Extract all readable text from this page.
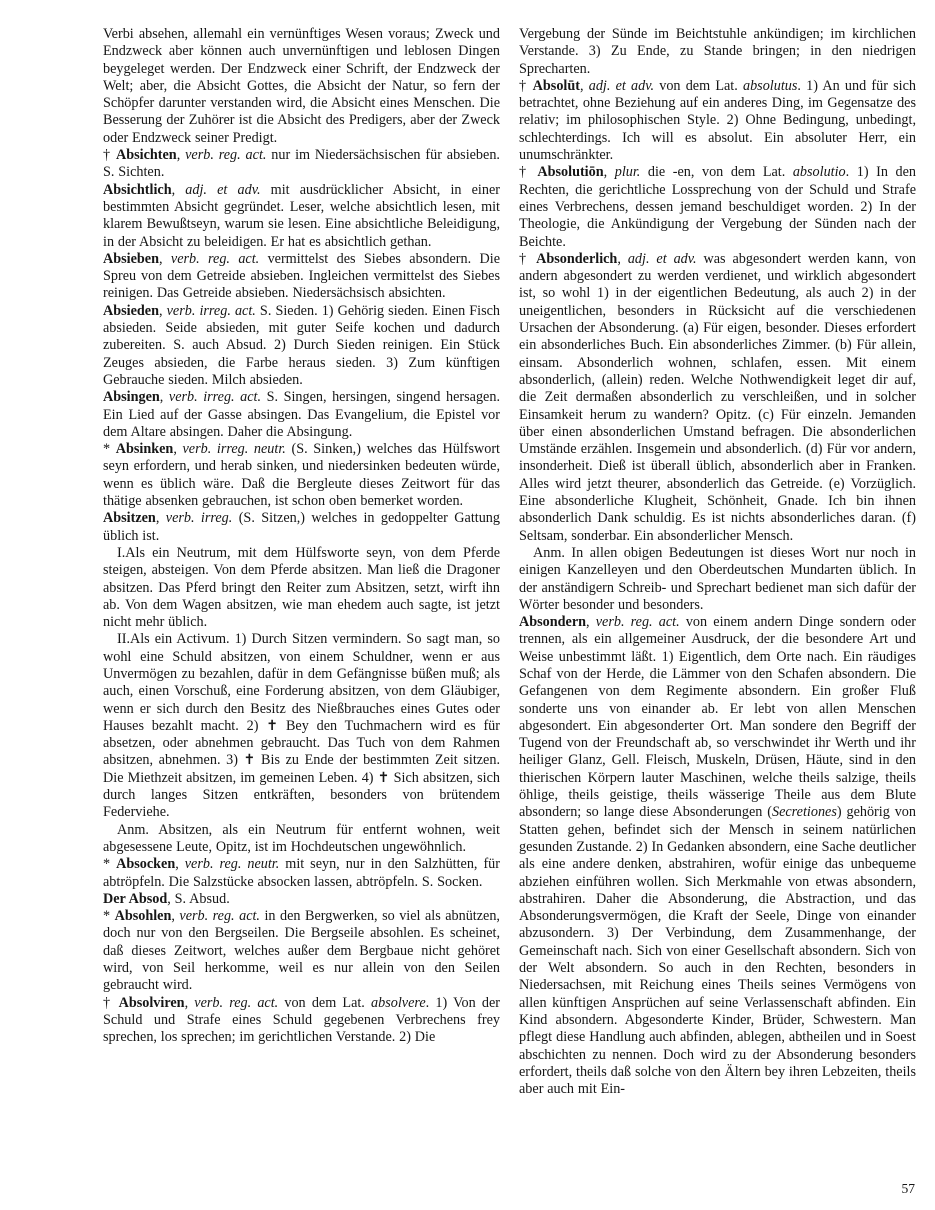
Verbi absehen, allemahl ein vernünftiges Wesen voraus; Zweck und Endzweck aber können auch unvernünftigen und leblosen Dingen beygeleget werden. Der Endzweck einer Schrift, der Endzweck der Welt; aber, die Absicht Gottes, die Absicht der Natur, so fern der Schöpfer darunter verstanden wird, die Absicht eines Menschen. Die Besserung der Zuhörer ist die Absicht des Predigers, aber der Zweck oder Endzweck seiner Predigt.

† Absichten, verb. reg. act. nur im Niedersächsischen für absieben. S. Sichten.

Absichtlich, adj. et adv. mit ausdrücklicher Absicht, in einer bestimmten Absicht gegründet. Leser, welche absichtlich lesen, mit klarem Bewußtseyn, warum sie lesen. Eine absichtliche Beleidigung, in der Absicht zu beleidigen. Er hat es absichtlich gethan.

Absieben, verb. reg. act. vermittelst des Siebes absondern. Die Spreu von dem Getreide absieben. Ingleichen vermittelst des Siebes reinigen. Das Getreide absieben. Niedersächsisch absichten.

Absieden, verb. irreg. act. S. Sieden. 1) Gehörig sieden. Einen Fisch absieden. Seide absieden, mit guter Seife kochen und dadurch zubereiten. S. auch Absud. 2) Durch Sieden reinigen. Ein Stück Zeuges absieden, die Farbe heraus sieden. 3) Zum künftigen Gebrauche sieden. Milch absieden.

Absingen, verb. irreg. act. S. Singen, hersingen, singend hersagen. Ein Lied auf der Gasse absingen. Das Evangelium, die Epistel vor dem Altare absingen. Daher die Absingung.

* Absinken, verb. irreg. neutr. (S. Sinken,) welches das Hülfswort seyn erfordern, und herab sinken, und niedersinken bedeuten würde, wenn es üblich wäre. Daß die Bergleute dieses Zeitwort für das thätige absenken gebrauchen, ist schon oben bemerket worden.

Absitzen, verb. irreg. (S. Sitzen,) welches in gedoppelter Gattung üblich ist.

I.Als ein Neutrum, mit dem Hülfsworte seyn, von dem Pferde steigen, absteigen. Von dem Pferde absitzen. Man ließ die Dragoner absitzen. Das Pferd bringt den Reiter zum Absitzen, setzt, wirft ihn ab. Von dem Wagen absitzen, wie man ehedem auch sagte, ist jetzt nicht mehr üblich.

II.Als ein Activum. 1) Durch Sitzen vermindern. So sagt man, so wohl eine Schuld absitzen, von einem Schuldner, wenn er aus Unvermögen zu bezahlen, dafür in dem Gefängnisse büßen muß; als auch, einen Vorschuß, eine Forderung absitzen, von dem Gläubiger, wenn er sich durch den Besitz des Nießbrauches eines Gutes oder Hauses bezahlt macht. 2) ✝ Bey den Tuchmachern wird es für absetzen, oder abnehmen gebraucht. Das Tuch von dem Rahmen absitzen, abnehmen. 3) ✝ Bis zu Ende der bestimmten Zeit sitzen. Die Miethzeit absitzen, im gemeinen Leben. 4) ✝ Sich absitzen, sich durch langes Sitzen entkräften, besonders von brütendem Federviehe.

Anm. Absitzen, als ein Neutrum für entfernt wohnen, weit abgesessene Leute, Opitz, ist im Hochdeutschen ungewöhnlich.

* Absocken, verb. reg. neutr. mit seyn, nur in den Salzhütten, für abtröpfeln. Die Salzstücke absocken lassen, abtröpfeln. S. Socken.

Der Absod, S. Absud.

* Absohlen, verb. reg. act. in den Bergwerken, so viel als abnützen, doch nur von den Bergseilen. Die Bergseile absohlen. Es scheinet, daß dieses Zeitwort, welches außer dem Bergbaue nicht gehöret wird, von Seil herkomme, weil es nur allein von den Seilen gebraucht wird.

† Absolviren, verb. reg. act. von dem Lat. absolvere. 1) Von der Schuld und Strafe eines Schuld gegebenen Verbrechens frey sprechen, los sprechen; im gerichtlichen Verstande. 2) Die

Vergebung der Sünde im Beichtstuhle ankündigen; im kirchlichen Verstande. 3) Zu Ende, zu Stande bringen; in den niedrigen Sprecharten.

† Absolūt, adj. et adv. von dem Lat. absolutus. 1) An und für sich betrachtet, ohne Beziehung auf ein anderes Ding, im Gegensatze des relativ; im philosophischen Style. 2) Ohne Bedingung, unbedingt, schlechterdings. Ich will es absolut. Ein absoluter Herr, ein unumschränkter.

† Absolutiōn, plur. die -en, von dem Lat. absolutio. 1) In den Rechten, die gerichtliche Lossprechung von der Schuld und Strafe eines Verbrechens, dessen jemand beschuldiget worden. 2) In der Theologie, die Ankündigung der Vergebung der Sünden nach der Beichte.

† Absonderlich, adj. et adv. was abgesondert werden kann, von andern abgesondert zu werden verdienet, und wirklich abgesondert ist, so wohl 1) in der eigentlichen Bedeutung, als auch 2) in der uneigentlichen, besonders in Rücksicht auf die verschiedenen Ursachen der Absonderung. (a) Für eigen, besonder. Dieses erfordert ein absonderliches Buch. Ein absonderliches Zimmer. (b) Für allein, einsam. Absonderlich wohnen, schlafen, essen. Mit einem absonderlich, (allein) reden. Welche Nothwendigkeit leget dir auf, die Zeit dermaßen absonderlich zu verschleißen, und in solcher Einsamkeit herum zu wandern? Opitz. (c) Für einzeln. Jemanden über einen absonderlichen Umstand befragen. Die absonderlichen Umstände erzählen. Insgemein und absonderlich. (d) Für vor andern, insonderheit. Dieß ist überall üblich, absonderlich aber in Franken. Alles wird jetzt theurer, absonderlich das Getreide. (e) Vorzüglich. Eine absonderliche Klugheit, Schönheit, Gnade. Ich bin ihnen absonderlich Dank schuldig. Es ist nichts absonderliches daran. (f) Seltsam, sonderbar. Ein absonderlicher Mensch.

Anm. In allen obigen Bedeutungen ist dieses Wort nur noch in einigen Kanzelleyen und den Oberdeutschen Mundarten üblich. In der anständigern Schreib- und Sprechart bedienet man sich dafür der Wörter besonder und besonders.

Absondern, verb. reg. act. von einem andern Dinge sondern oder trennen, als ein allgemeiner Ausdruck, der die besondere Art und Weise unbestimmt läßt. 1) Eigentlich, dem Orte nach. Ein räudiges Schaf von der Herde, die Lämmer von den Schafen absondern. Die Gefangenen von dem Regimente absondern. Ein großer Fluß sonderte uns von einander ab. Er lebt von allen Menschen abgesondert. Ein abgesonderter Ort. Man sondere den Begriff der Tugend von der Freundschaft ab, so verschwindet ihr Werth und ihr heiliger Glanz, Gell. Fleisch, Muskeln, Drüsen, Häute, sind in den thierischen Körpern lauter Maschinen, welche theils salzige, theils öhlige, theils geistige, theils wässerige Theile aus dem Blute absondern; so lange diese Absonderungen (Secretiones) gehörig von Statten gehen, befindet sich der Mensch in seinem natürlichen gesunden Zustande. 2) In Gedanken absondern, eine Sache deutlicher als eine andere denken, abstrahiren, wofür einige das unbequeme abziehen einführen wollen. Sich Merkmahle von etwas absondern, abstrahiren. Daher die Absonderung, die Abstraction, und das Absonderungsvermögen, die Kraft der Seele, Dinge von einander abzusondern. 3) Der Verbindung, dem Zusammenhange, der Gemeinschaft nach. Sich von einer Gesellschaft absondern. Sich von der Welt absondern. So auch in den Rechten, besonders in Niedersachsen, mit Reichung eines Theils seines Vermögens von allen künftigen Ansprüchen auf seine Verlassenschaft abfinden. Ein Kind absondern. Abgesonderte Kinder, Brüder, Schwestern. Man pflegt diese Handlung auch abfinden, ablegen, abtheilen und in Soest abschichten zu nennen. Doch wird zu der Absonderung besonders erfordert, theils daß solche von den Ältern bey ihren Lebzeiten, theils aber auch mit Ein-

57
